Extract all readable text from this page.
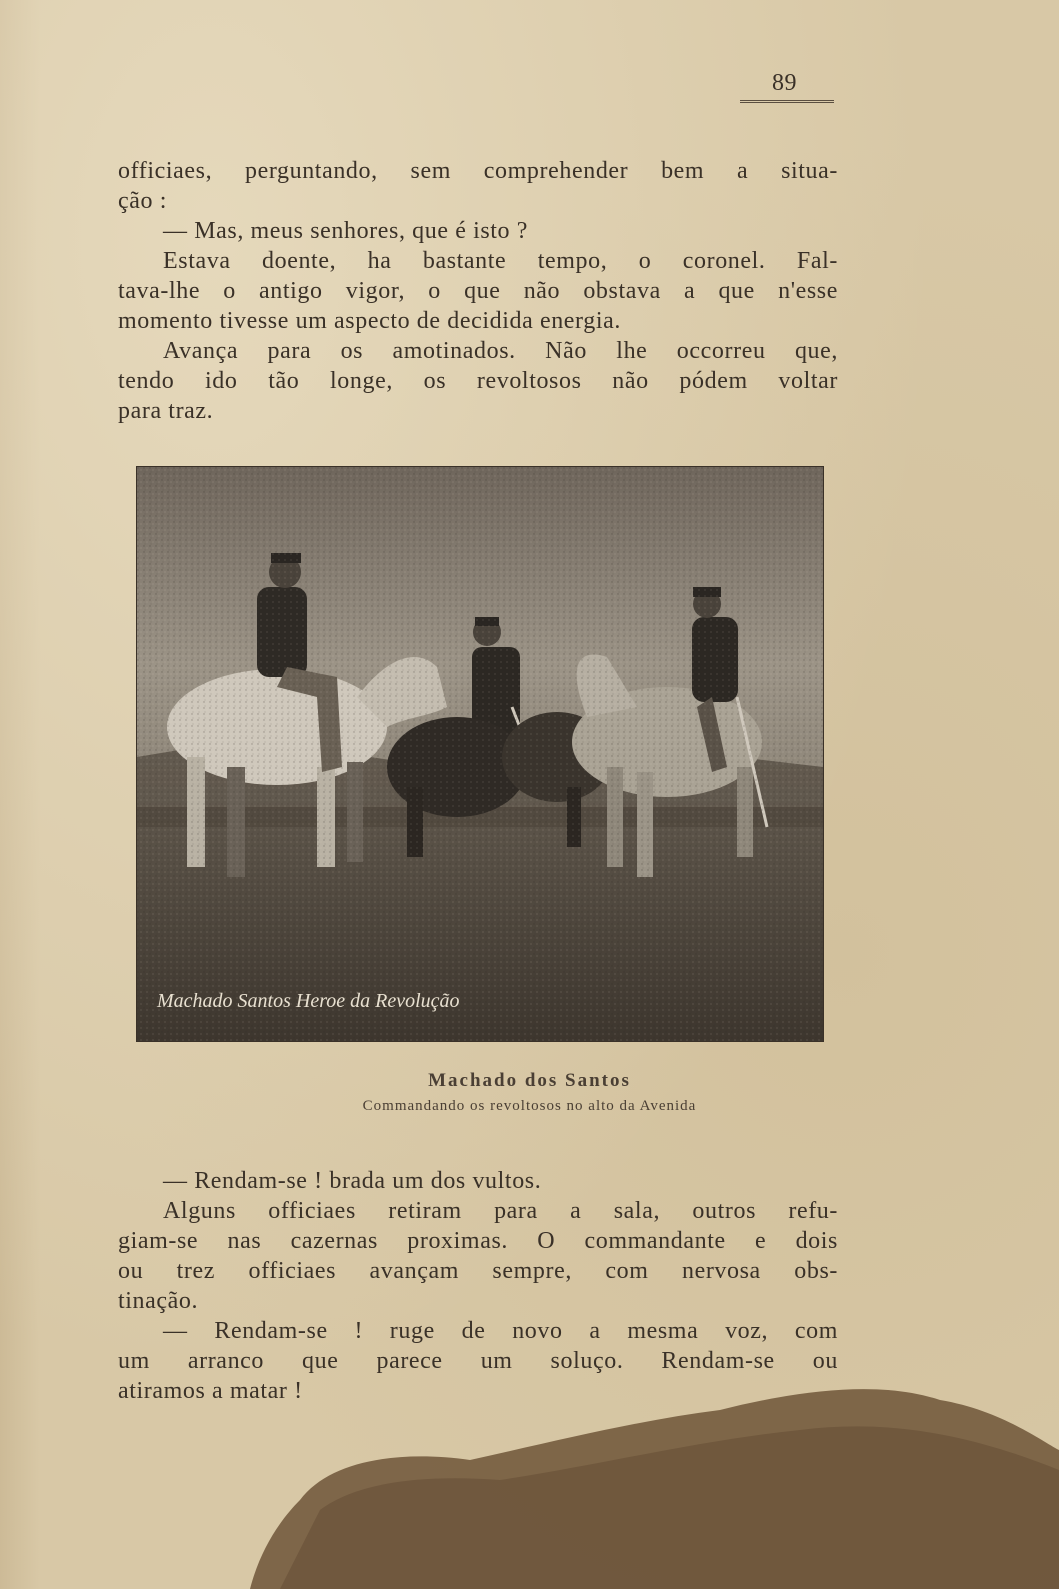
89
officiaes, perguntando, sem comprehender bem a situa-
ção :
— Mas, meus senhores, que é isto ?
Estava doente, ha bastante tempo, o coronel. Fal-
tava-lhe o antigo vigor, o que não obstava a que n'esse
momento tivesse um aspecto de decidida energia.
Avança para os amotinados. Não lhe occorreu que,
tendo ido tão longe, os revoltosos não pódem voltar
para traz.
Machado Santos Heroe da Revolução
Machado dos Santos
Commandando os revoltosos no alto da Avenida
— Rendam-se ! brada um dos vultos.
Alguns officiaes retiram para a sala, outros refu-
giam-se nas cazernas proximas. O commandante e dois
ou trez officiaes avançam sempre, com nervosa obs-
tinação.
— Rendam-se ! ruge de novo a mesma voz, com
um arranco que parece um soluço. Rendam-se ou
atiramos a matar !
